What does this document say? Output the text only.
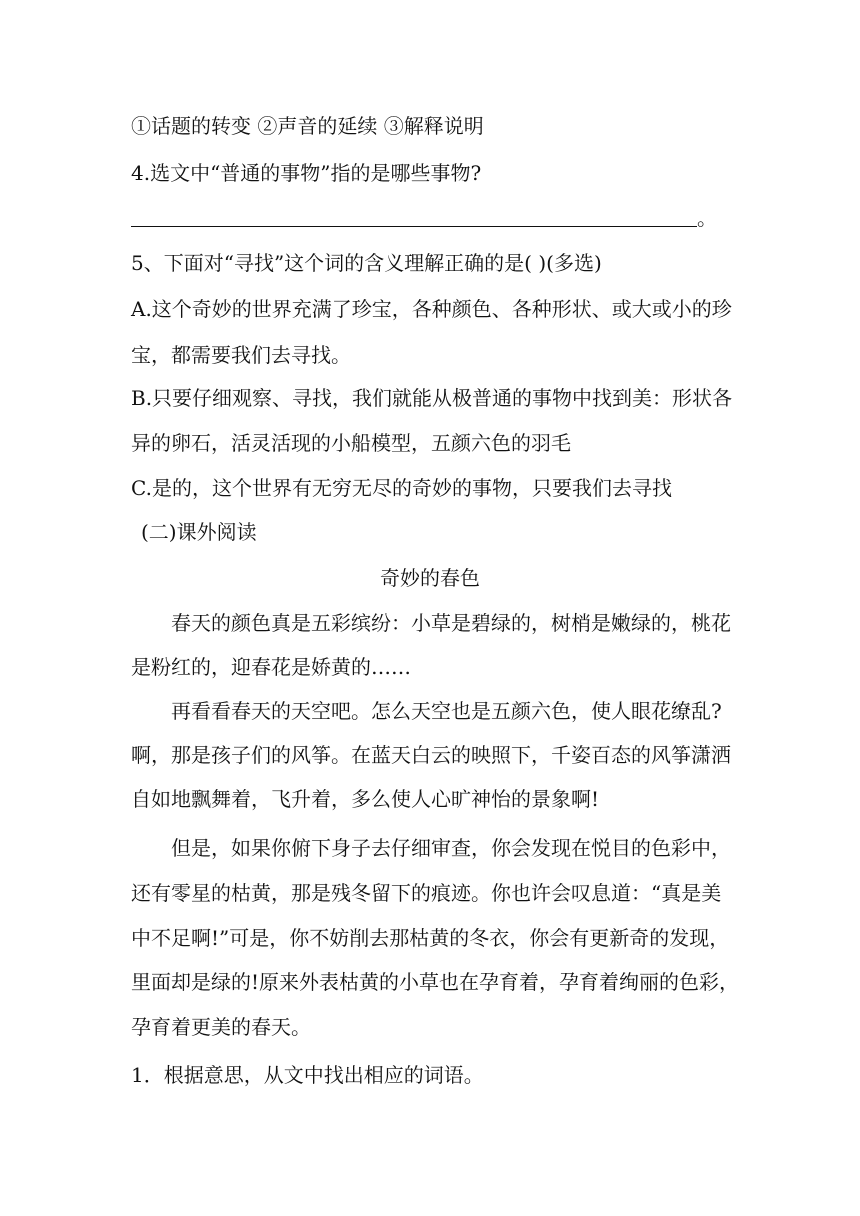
①话题的转变 ②声音的延续 ③解释说明
4.选文中“普通的事物”指的是哪些事物?
。
5、下面对“寻找”这个词的含义理解正确的是( )(多选)
A.这个奇妙的世界充满了珍宝，各种颜色、各种形状、或大或小的珍
宝，都需要我们去寻找。
B.只要仔细观察、寻找，我们就能从极普通的事物中找到美：形状各
异的卵石，活灵活现的小船模型，五颜六色的羽毛
C.是的，这个世界有无穷无尽的奇妙的事物，只要我们去寻找
(二)课外阅读
奇妙的春色
春天的颜色真是五彩缤纷：小草是碧绿的，树梢是嫩绿的，桃花
是粉红的，迎春花是娇黄的……
再看看春天的天空吧。怎么天空也是五颜六色，使人眼花缭乱?
啊，那是孩子们的风筝。在蓝天白云的映照下，千姿百态的风筝潇洒
自如地飘舞着，飞升着，多么使人心旷神怡的景象啊!
但是，如果你俯下身子去仔细审查，你会发现在悦目的色彩中，
还有零星的枯黄，那是残冬留下的痕迹。你也许会叹息道：“真是美
中不足啊!”可是，你不妨削去那枯黄的冬衣，你会有更新奇的发现，
里面却是绿的!原来外表枯黄的小草也在孕育着，孕育着绚丽的色彩，
孕育着更美的春天。
1．根据意思，从文中找出相应的词语。
